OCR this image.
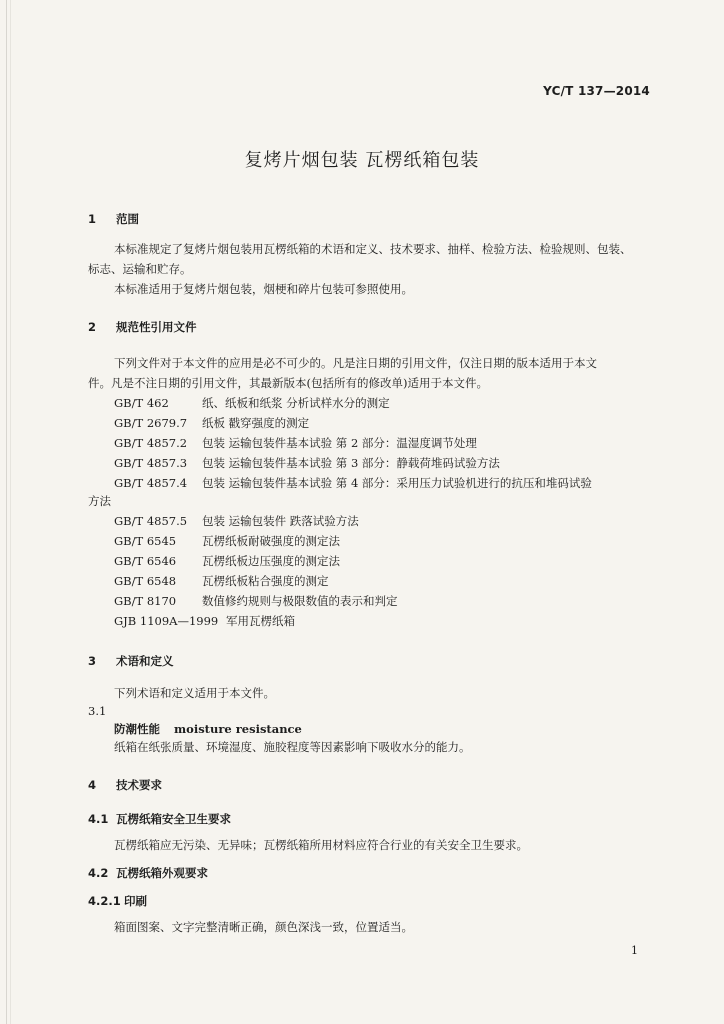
YC/T 137—2014
复烤片烟包装 瓦楞纸箱包装
1 范围
本标准规定了复烤片烟包装用瓦楞纸箱的术语和定义、技术要求、抽样、检验方法、检验规则、包装、
标志、运输和贮存。
本标准适用于复烤片烟包装，烟梗和碎片包装可参照使用。
2 规范性引用文件
下列文件对于本文件的应用是必不可少的。凡是注日期的引用文件，仅注日期的版本适用于本文
件。凡是不注日期的引用文件，其最新版本(包括所有的修改单)适用于本文件。
GB/T 462	纸、纸板和纸浆 分析试样水分的测定
GB/T 2679.7 纸板 戳穿强度的测定
GB/T 4857.2 包装 运输包装件基本试验 第 2 部分：温湿度调节处理
GB/T 4857.3 包装 运输包装件基本试验 第 3 部分：静载荷堆码试验方法
GB/T 4857.4 包装 运输包装件基本试验 第 4 部分：采用压力试验机进行的抗压和堆码试验
方法
GB/T 4857.5 包装 运输包装件 跌落试验方法
GB/T 6545 瓦楞纸板耐破强度的测定法
GB/T 6546 瓦楞纸板边压强度的测定法
GB/T 6548 瓦楞纸板粘合强度的测定
GB/T 8170 数值修约规则与极限数值的表示和判定
GJB 1109A—1999 军用瓦楞纸箱
3 术语和定义
下列术语和定义适用于本文件。
3.1
防潮性能 moisture resistance
纸箱在纸张质量、环境湿度、施胶程度等因素影响下吸收水分的能力。
4 技术要求
4.1 瓦楞纸箱安全卫生要求
瓦楞纸箱应无污染、无异味；瓦楞纸箱所用材料应符合行业的有关安全卫生要求。
4.2 瓦楞纸箱外观要求
4.2.1 印刷
箱面图案、文字完整清晰正确，颜色深浅一致，位置适当。
1
